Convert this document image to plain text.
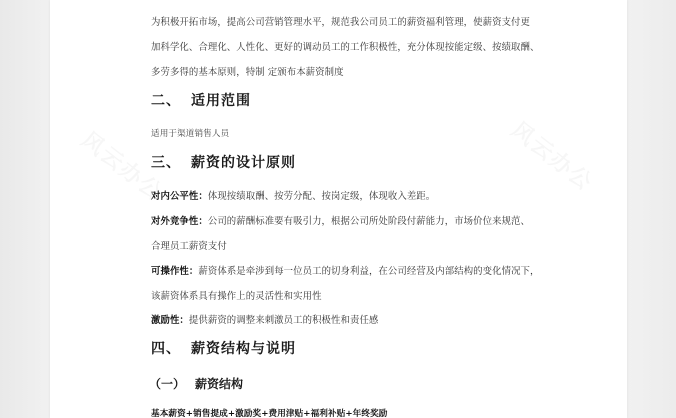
为积极开拓市场，提高公司营销管理水平，规范我公司员工的薪资福利管理，使薪资支付更
加科学化、合理化、人性化、更好的调动员工的工作积极性，充分体现按能定级、按绩取酬、
多劳多得的基本原则，特制 定颁布本薪资制度
二、 适用范围
适用于渠道销售人员
三、 薪资的设计原则
对内公平性：体现按绩取酬、按劳分配、按岗定级，体现收入差距。
对外竞争性：公司的薪酬标准要有吸引力，根据公司所处阶段付薪能力，市场价位来规范、
合理员工薪资支付
可操作性：薪资体系是牵涉到每一位员工的切身利益，在公司经营及内部结构的变化情况下，
该薪资体系具有操作上的灵活性和实用性
激励性：提供薪资的调整来刺激员工的积极性和责任感
四、 薪资结构与说明
（一） 薪资结构
基本薪资+销售提成+激励奖+费用津贴+福利补贴+年终奖励
